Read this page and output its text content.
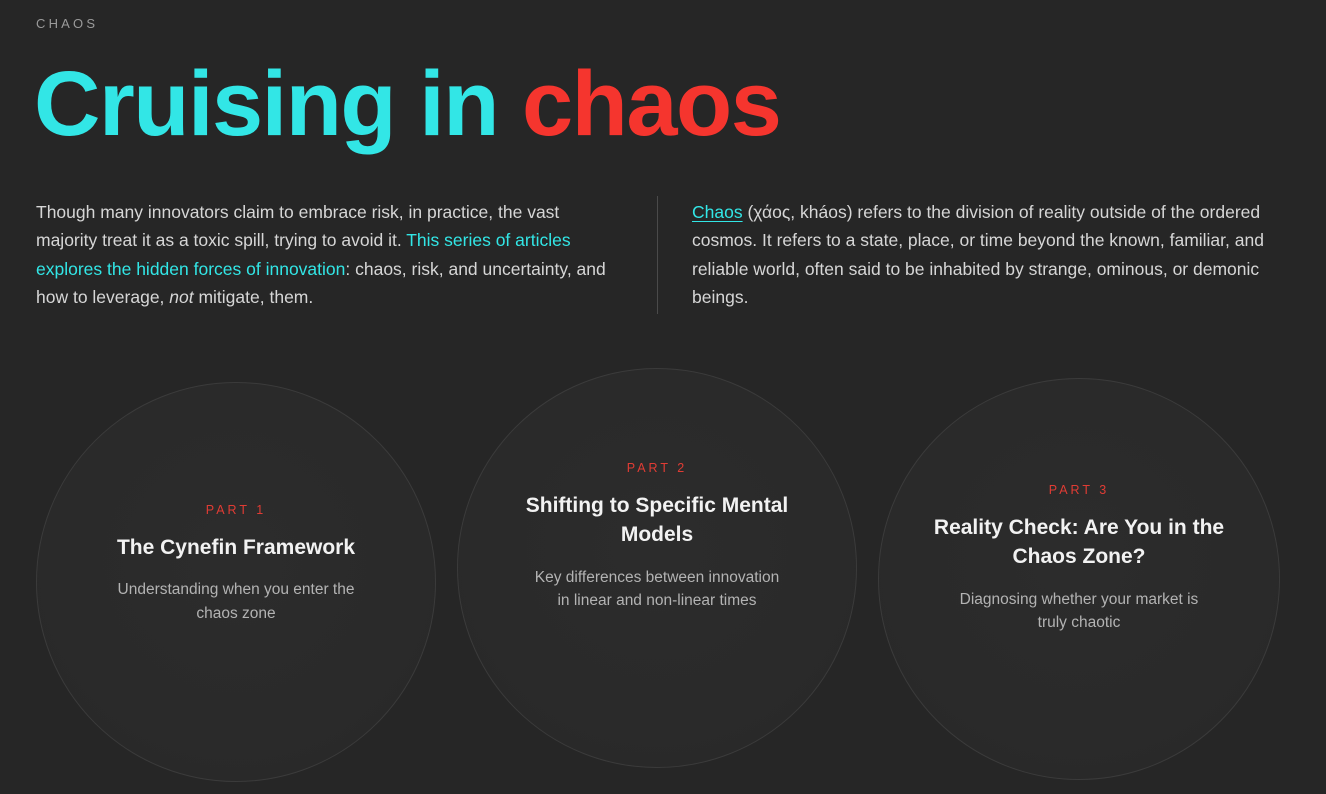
CHAOS
Cruising in chaos
Though many innovators claim to embrace risk, in practice, the vast majority treat it as a toxic spill, trying to avoid it. This series of articles explores the hidden forces of innovation: chaos, risk, and uncertainty, and how to leverage, not mitigate, them.
Chaos (χάος, kháos) refers to the division of reality outside of the ordered cosmos. It refers to a state, place, or time beyond the known, familiar, and reliable world, often said to be inhabited by strange, ominous, or demonic beings.
PART 1
The Cynefin Framework
Understanding when you enter the chaos zone
PART 2
Shifting to Specific Mental Models
Key differences between innovation in linear and non-linear times
PART 3
Reality Check: Are You in the Chaos Zone?
Diagnosing whether your market is truly chaotic
